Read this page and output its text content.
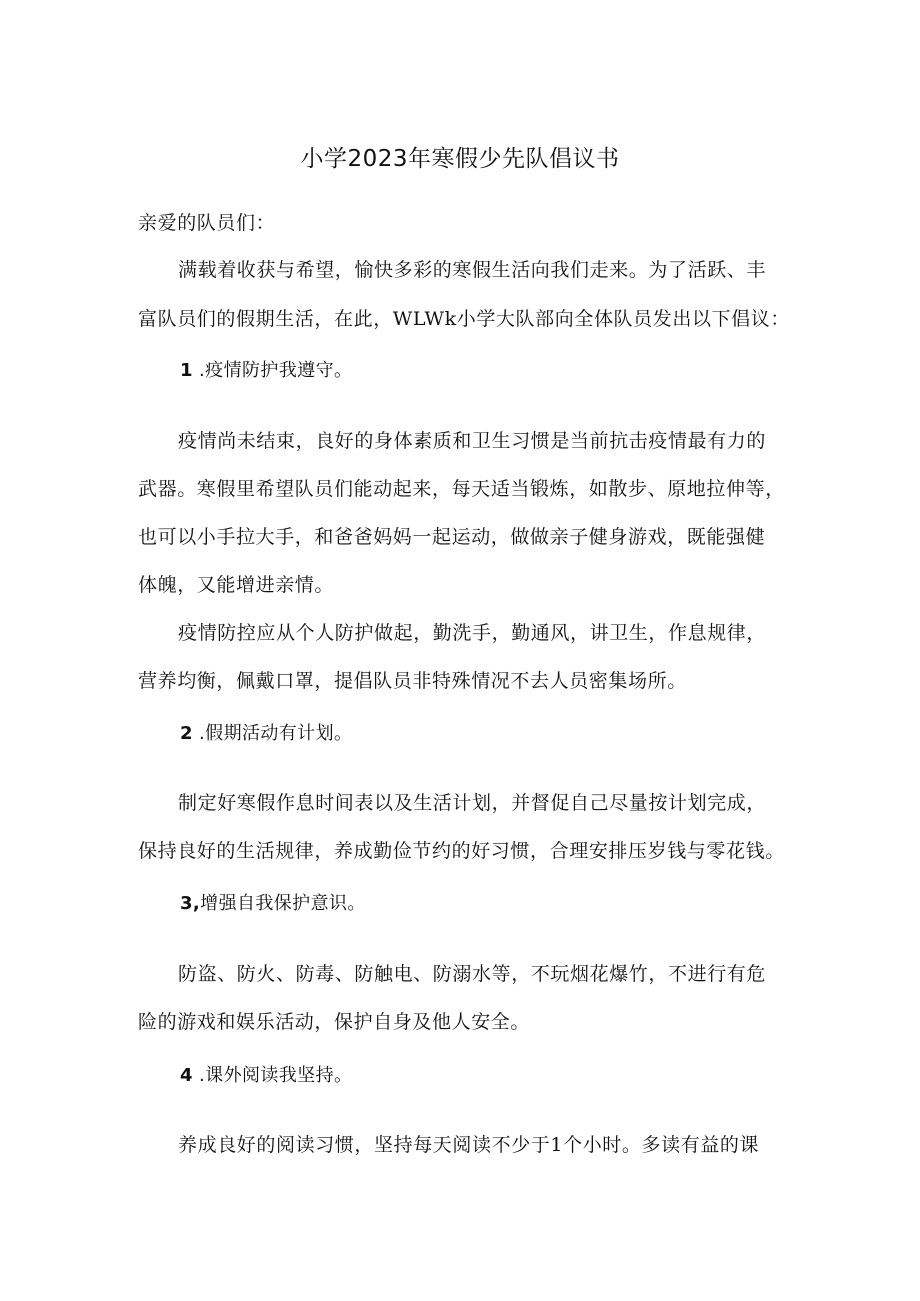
小学2023年寒假少先队倡议书
亲爱的队员们：
满载着收获与希望，愉快多彩的寒假生活向我们走来。为了活跃、丰
富队员们的假期生活，在此，WLWk小学大队部向全体队员发出以下倡议：
1 .疫情防护我遵守。
疫情尚未结束，良好的身体素质和卫生习惯是当前抗击疫情最有力的
武器。寒假里希望队员们能动起来，每天适当锻炼，如散步、原地拉伸等，
也可以小手拉大手，和爸爸妈妈一起运动，做做亲子健身游戏，既能强健
体魄，又能增进亲情。
疫情防控应从个人防护做起，勤洗手，勤通风，讲卫生，作息规律，
营养均衡，佩戴口罩，提倡队员非特殊情况不去人员密集场所。
2 .假期活动有计划。
制定好寒假作息时间表以及生活计划，并督促自己尽量按计划完成，
保持良好的生活规律，养成勤俭节约的好习惯，合理安排压岁钱与零花钱。
3,增强自我保护意识。
防盗、防火、防毒、防触电、防溺水等，不玩烟花爆竹，不进行有危
险的游戏和娱乐活动，保护自身及他人安全。
4 .课外阅读我坚持。
养成良好的阅读习惯，坚持每天阅读不少于1个小时。多读有益的课
